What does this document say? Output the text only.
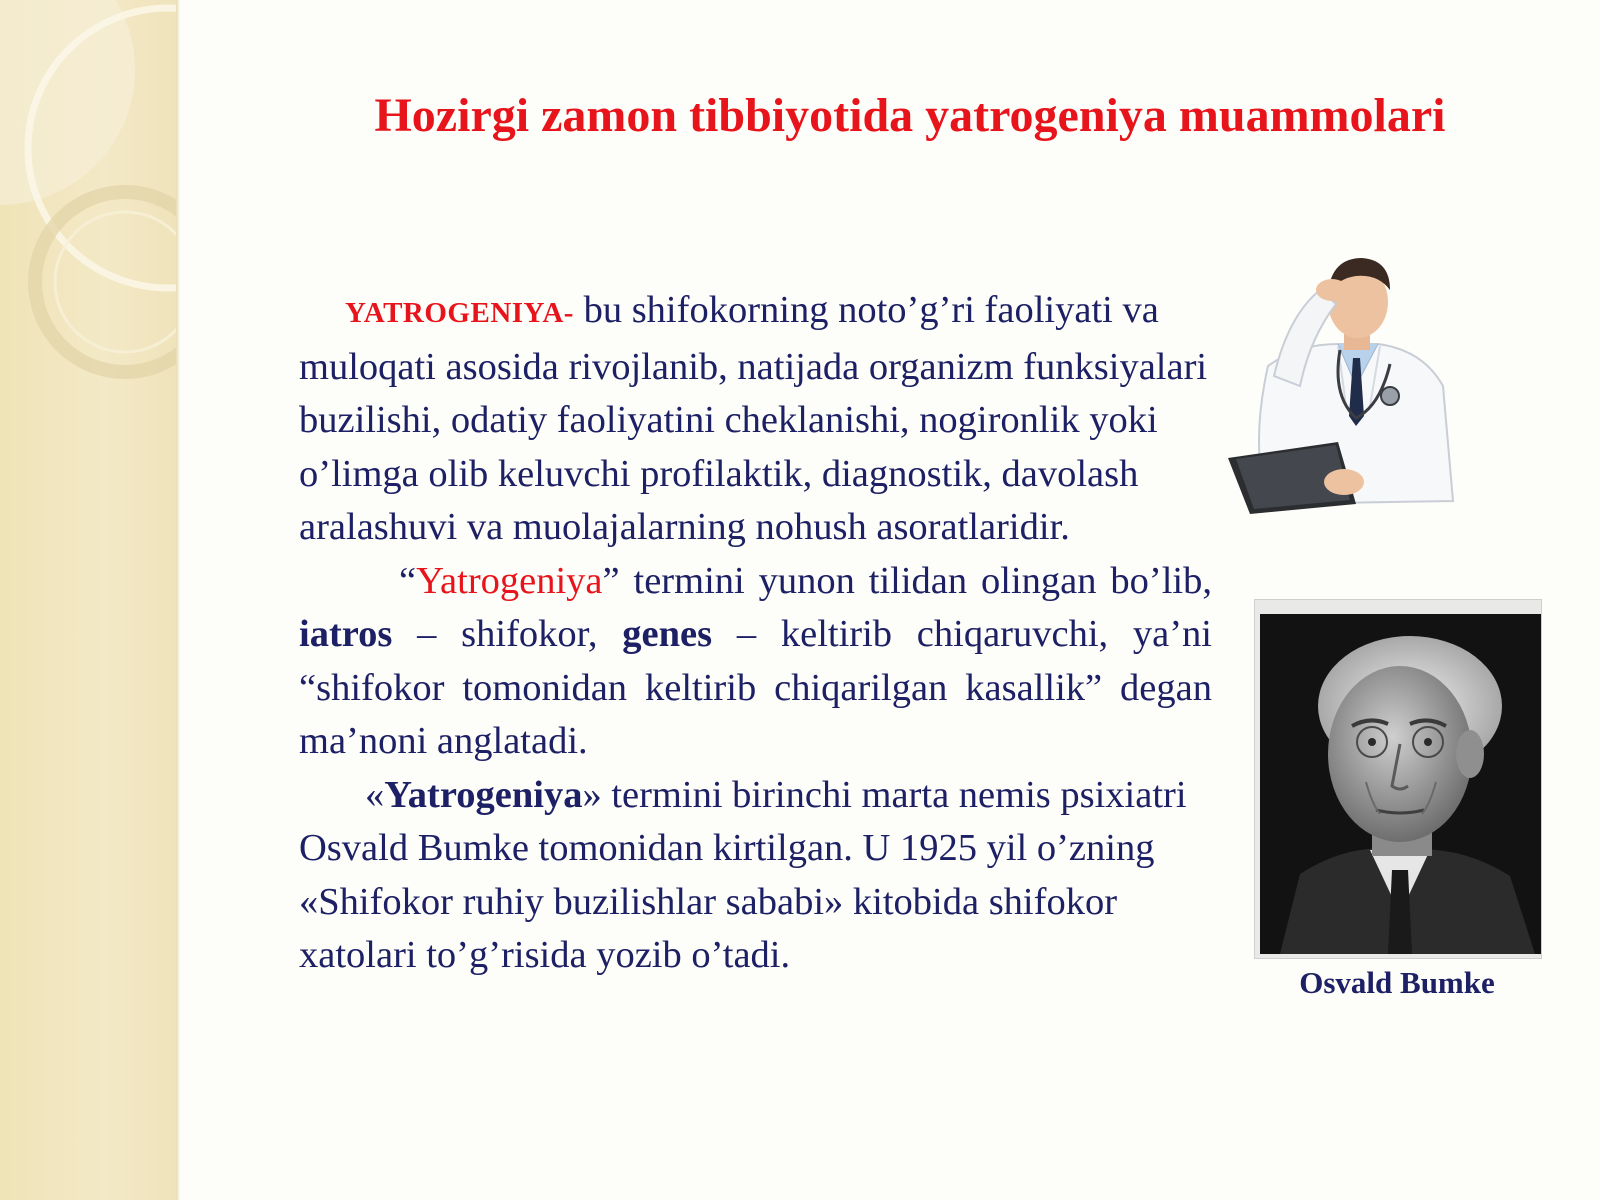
Hozirgi zamon tibbiyotida yatrogeniya muammolari

YATROGENIYA- bu shifokorning noto’g’ri faoliyati va muloqati asosida rivojlanib, natijada organizm funksiyalari buzilishi, odatiy faoliyatini cheklanishi, nogironlik yoki o’limga olib keluvchi profilaktik, diagnostik, davolash aralashuvi va muolajalarning nohush asoratlaridir.

“Yatrogeniya” termini yunon tilidan olingan bo’lib, iatros – shifokor, genes – keltirib chiqaruvchi, ya’ni “shifokor tomonidan keltirib chiqarilgan kasallik” degan ma’noni anglatadi.

«Yatrogeniya» termini birinchi marta nemis psixiatri Osvald Bumke tomonidan kirtilgan. U 1925 yil o’zning «Shifokor ruhiy buzilishlar sababi» kitobida shifokor xatolari to’g’risida yozib o’tadi.

Osvald Bumke
